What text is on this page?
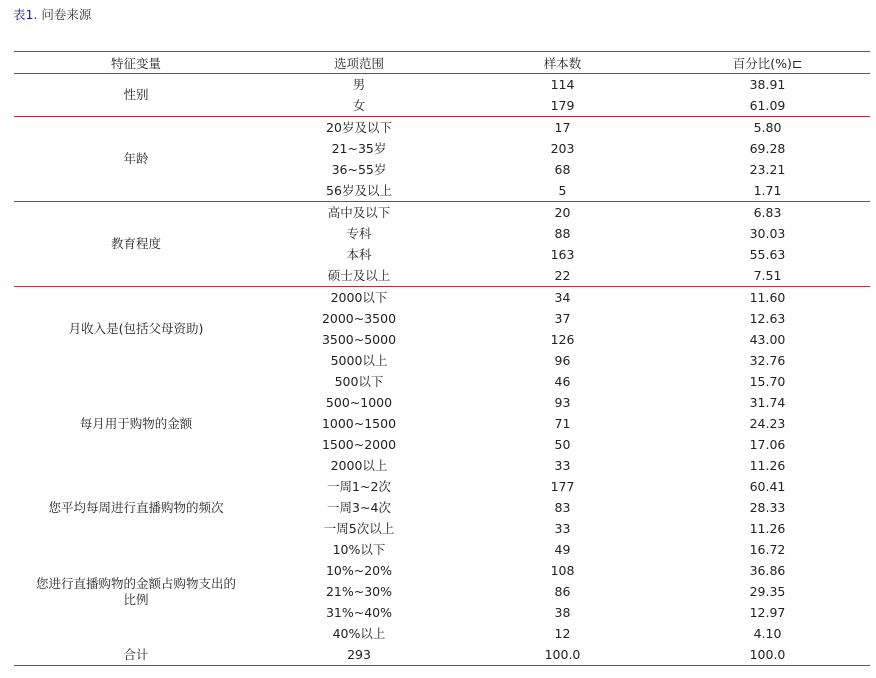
表1. 问卷来源
特征变量	选项范围	样本数	百分比(%)⊏
性别	男	114	38.91
	女	179	61.09
年龄	20岁及以下	17	5.80
	21~35岁	203	69.28
	36~55岁	68	23.21
	56岁及以上	5	1.71
教育程度	高中及以下	20	6.83
	专科	88	30.03
	本科	163	55.63
	硕士及以上	22	7.51
月收入是(包括父母资助)	2000以下	34	11.60
	2000~3500	37	12.63
	3500~5000	126	43.00
	5000以上	96	32.76
每月用于购物的金额	500以下	46	15.70
	500~1000	93	31.74
	1000~1500	71	24.23
	1500~2000	50	17.06
	2000以上	33	11.26
您平均每周进行直播购物的频次	一周1~2次	177	60.41
	一周3~4次	83	28.33
	一周5次以上	33	11.26
您进行直播购物的金额占购物支出的比例	10%以下	49	16.72
	10%~20%	108	36.86
	21%~30%	86	29.35
	31%~40%	38	12.97
	40%以上	12	4.10
合计	293	100.0	100.0
